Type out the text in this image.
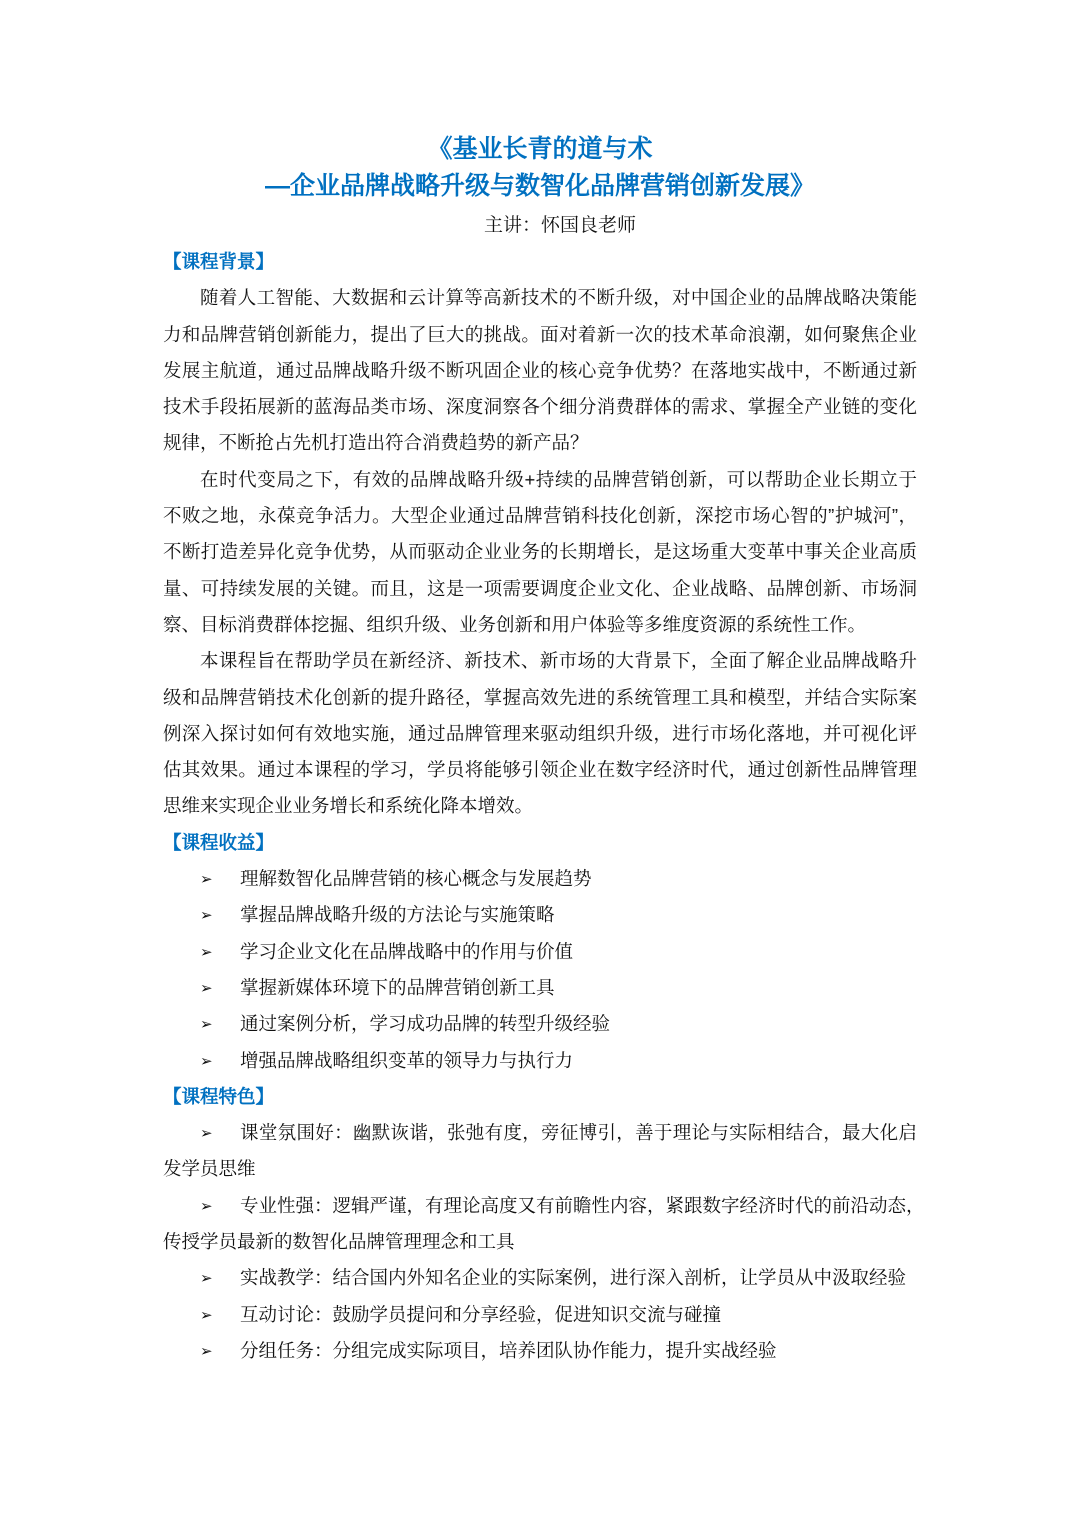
《基业长青的道与术
—企业品牌战略升级与数智化品牌营销创新发展》
主讲：怀国良老师
【课程背景】
随着人工智能、大数据和云计算等高新技术的不断升级，对中国企业的品牌战略决策能
力和品牌营销创新能力，提出了巨大的挑战。面对着新一次的技术革命浪潮，如何聚焦企业
发展主航道，通过品牌战略升级不断巩固企业的核心竞争优势？在落地实战中，不断通过新
技术手段拓展新的蓝海品类市场、深度洞察各个细分消费群体的需求、掌握全产业链的变化
规律，不断抢占先机打造出符合消费趋势的新产品？
在时代变局之下，有效的品牌战略升级+持续的品牌营销创新，可以帮助企业长期立于
不败之地，永葆竞争活力。大型企业通过品牌营销科技化创新，深挖市场心智的”护城河”，
不断打造差异化竞争优势，从而驱动企业业务的长期增长，是这场重大变革中事关企业高质
量、可持续发展的关键。而且，这是一项需要调度企业文化、企业战略、品牌创新、市场洞
察、目标消费群体挖掘、组织升级、业务创新和用户体验等多维度资源的系统性工作。
本课程旨在帮助学员在新经济、新技术、新市场的大背景下，全面了解企业品牌战略升
级和品牌营销技术化创新的提升路径，掌握高效先进的系统管理工具和模型，并结合实际案
例深入探讨如何有效地实施，通过品牌管理来驱动组织升级，进行市场化落地，并可视化评
估其效果。通过本课程的学习，学员将能够引领企业在数字经济时代，通过创新性品牌管理
思维来实现企业业务增长和系统化降本增效。
【课程收益】
➢	理解数智化品牌营销的核心概念与发展趋势
➢	掌握品牌战略升级的方法论与实施策略
➢	学习企业文化在品牌战略中的作用与价值
➢	掌握新媒体环境下的品牌营销创新工具
➢	通过案例分析，学习成功品牌的转型升级经验
➢	增强品牌战略组织变革的领导力与执行力
【课程特色】
➢	课堂氛围好：幽默诙谐，张弛有度，旁征博引，善于理论与实际相结合，最大化启
发学员思维
➢	专业性强：逻辑严谨，有理论高度又有前瞻性内容，紧跟数字经济时代的前沿动态，
传授学员最新的数智化品牌管理理念和工具
➢	实战教学：结合国内外知名企业的实际案例，进行深入剖析，让学员从中汲取经验
➢	互动讨论：鼓励学员提问和分享经验，促进知识交流与碰撞
➢	分组任务：分组完成实际项目，培养团队协作能力，提升实战经验
